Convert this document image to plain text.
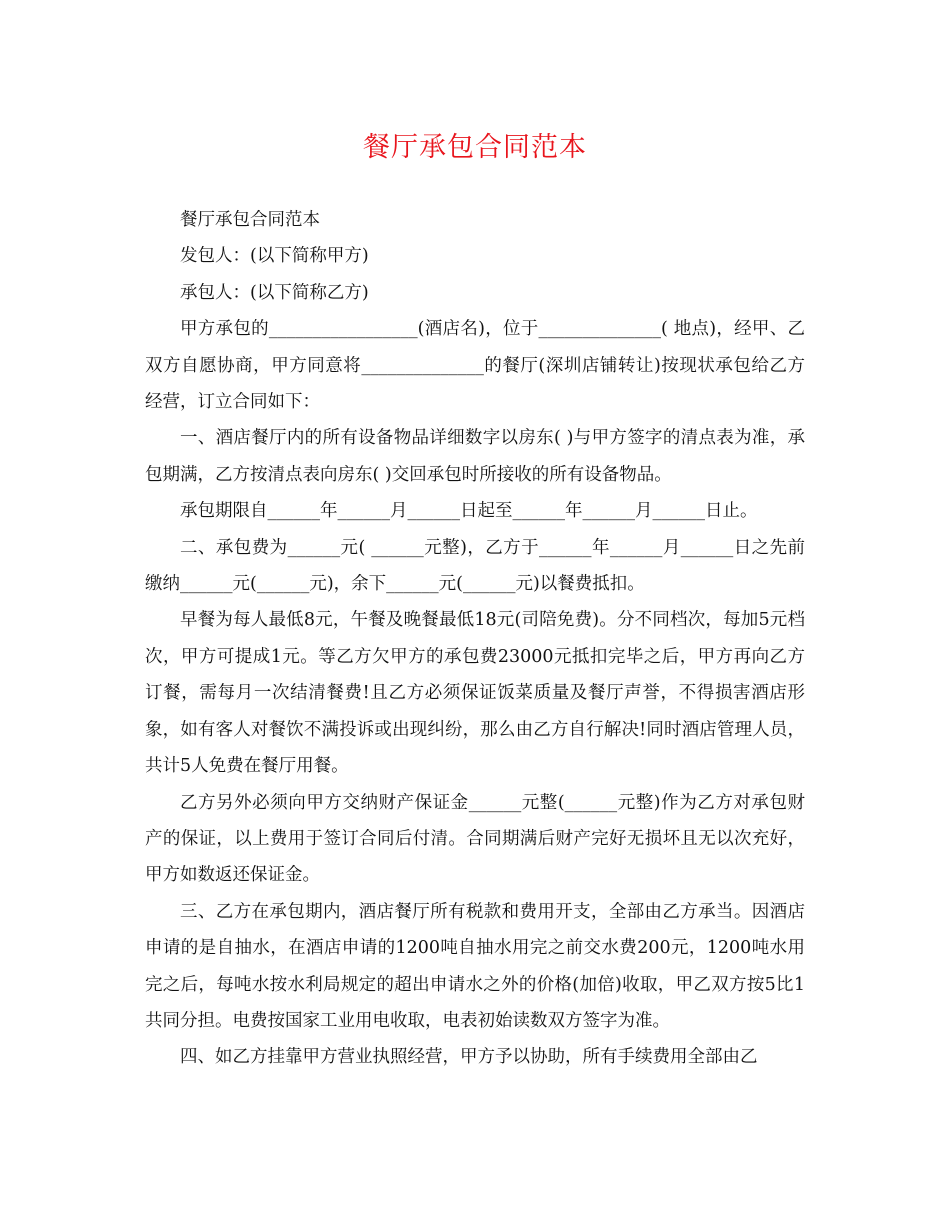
餐厅承包合同范本

餐厅承包合同范本

发包人：(以下简称甲方)

承包人：(以下简称乙方)

甲方承包的_________________(酒店名)，位于______________( 地点)，经甲、乙双方自愿协商，甲方同意将______________的餐厅(深圳店铺转让)按现状承包给乙方经营，订立合同如下：

一、酒店餐厅内的所有设备物品详细数字以房东( )与甲方签字的清点表为准，承包期满，乙方按清点表向房东( )交回承包时所接收的所有设备物品。

承包期限自______年______月______日起至______年______月______日止。

二、承包费为______元( ______元整)，乙方于______年______月______日之先前缴纳______元(______元)，余下______元(______元)以餐费抵扣。

早餐为每人最低8元，午餐及晚餐最低18元(司陪免费)。分不同档次，每加5元档次，甲方可提成1元。等乙方欠甲方的承包费23000元抵扣完毕之后，甲方再向乙方订餐，需每月一次结清餐费!且乙方必须保证饭菜质量及餐厅声誉，不得损害酒店形象，如有客人对餐饮不满投诉或出现纠纷，那么由乙方自行解决!同时酒店管理人员，共计5人免费在餐厅用餐。

乙方另外必须向甲方交纳财产保证金______元整(______元整)作为乙方对承包财产的保证，以上费用于签订合同后付清。合同期满后财产完好无损坏且无以次充好，甲方如数返还保证金。

三、乙方在承包期内，酒店餐厅所有税款和费用开支，全部由乙方承当。因酒店申请的是自抽水，在酒店申请的1200吨自抽水用完之前交水费200元，1200吨水用完之后，每吨水按水利局规定的超出申请水之外的价格(加倍)收取，甲乙双方按5比1共同分担。电费按国家工业用电收取，电表初始读数双方签字为准。

四、如乙方挂靠甲方营业执照经营，甲方予以协助，所有手续费用全部由乙
